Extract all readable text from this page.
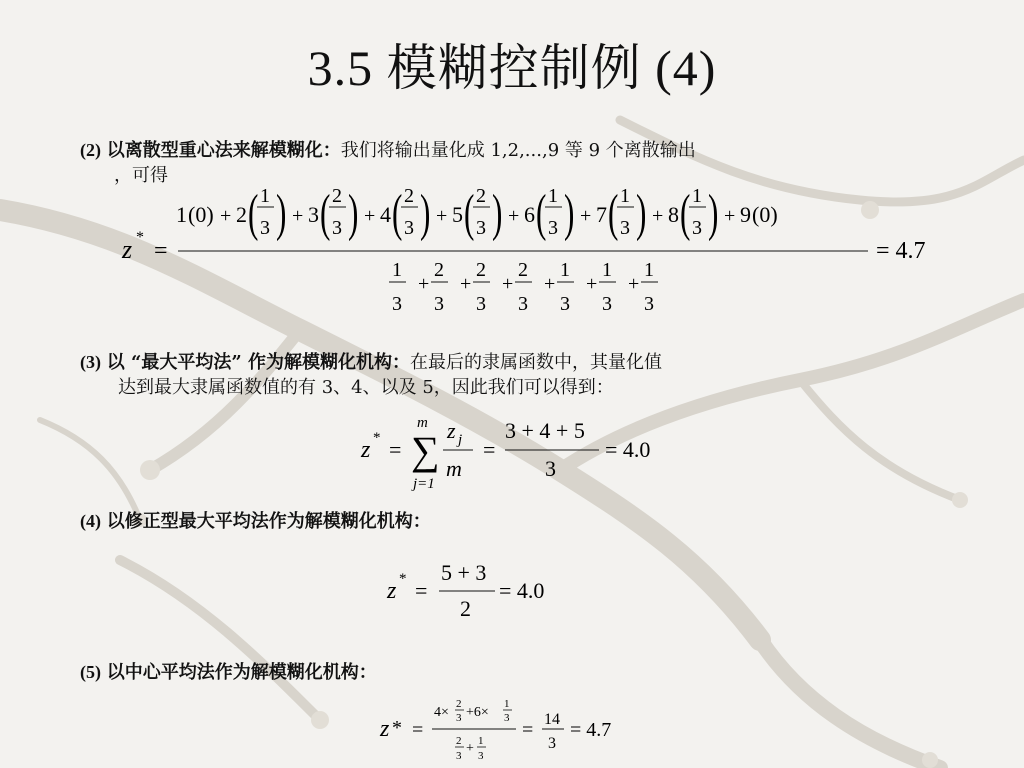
3.5 模糊控制例 (4)
(2) 以离散型重心法来解模糊化：我们将输出量化成 1,2,...,9 等 9 个离散输出
，可得
z *
=
1 (0) + 2 ( 1
3 ) + 3 ( 2
3 ) + 4 ( 2
3 ) + 5 ( 2
3 ) + 6 ( 1
3 ) + 7 ( 1
3 ) + 8 ( 1
3 ) + 9 (0)
1
3
+
2
3
+
2
3
+
2
3
+
1
3
+
1
3
+
1
3
= 4.7
(3) 以 “最大平均法” 作为解模糊化机构：在最后的隶属函数中，其量化值
达到最大隶属函数值的有 3、4、以及 5，因此我们可以得到：
z * =
m
∑
j=1
z j
m
=
3 + 4 + 5
3
= 4.0
(4) 以修正型最大平均法作为解模糊化机构：
z * =
5 + 3
2
= 4.0
(5) 以中心平均法作为解模糊化机构：
z * =
4×
2
3 +6×
1
3
2
3 + 1
3
= 14
3
= 4.7
